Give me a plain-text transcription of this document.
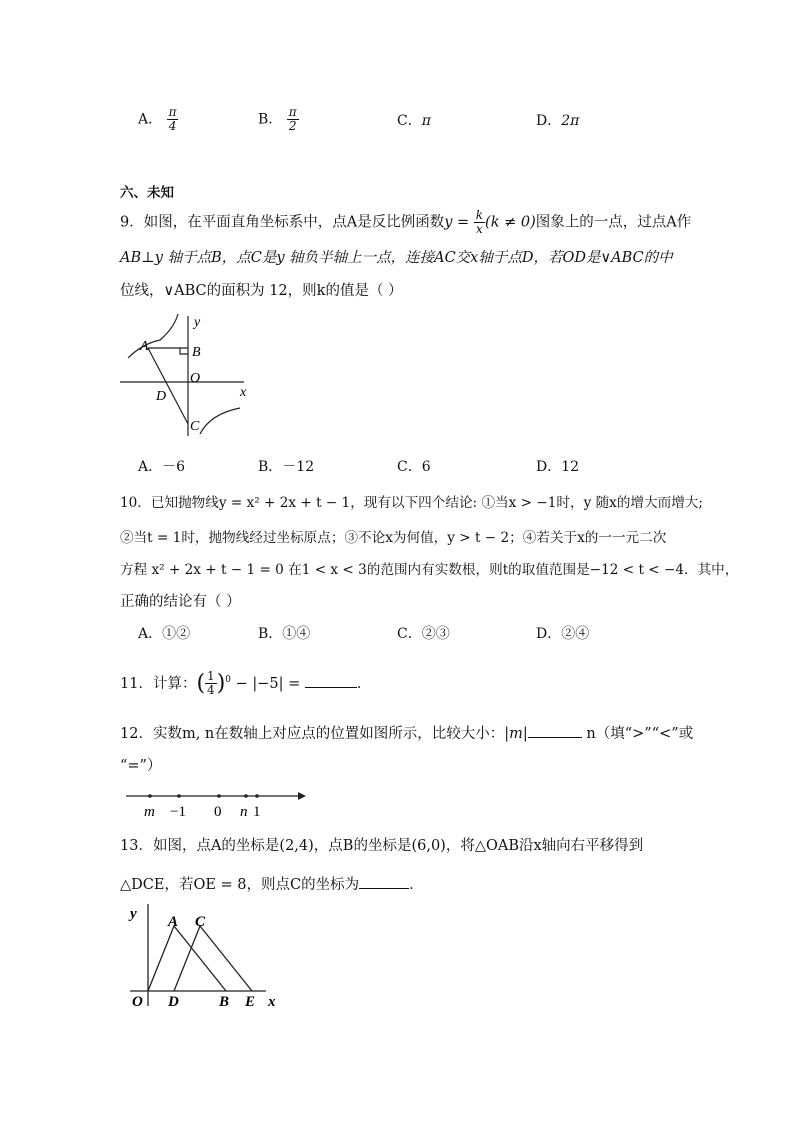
A． $\frac{\pi}{4}$	B． $\frac{\pi}{2}$	C．π	D．2π
六、未知
9．如图，在平面直角坐标系中，点A是反比例函数$y = \frac{k}{x} (k \ne 0)$图象上的一点，过点A作
AB⊥y 轴于点B，点C是y 轴负半轴上一点，连接AC交x轴于点D，若OD是∨ABC的中
位线，∨ABC的面积为 12，则k的值是（ ）
A	B
O
D
C
x
y
A．－6	B．－12	C．6	D．12
10．已知抛物线y = x² + 2x + t − 1，现有以下四个结论: ①当x > −1时，y 随x的增大而增大;
②当t = 1时，抛物线经过坐标原点；③不论x为何值，y > t − 2；④若关于x的一一元二次
方程 x² + 2x + t − 1 = 0 在1 < x < 3的范围内有实数根，则t的取值范围是−12 < t < −4．其中，
正确的结论有（ ）
A．①②	B．①④	C．②③	D．②④
11．计算：( $\frac{1}{4} )^0 - |-5|$ =	．
12．实数m, n在数轴上对应点的位置如图所示，比较大小：|m|	n（填“>”“<”或
“=”）
m −1 0 n 1
13．如图，点A的坐标是(2,4)，点B的坐标是(6,0)，将△OAB沿x轴向右平移得到
△DCE，若OE = 8，则点C的坐标为	．
y A C
O D	B E x
